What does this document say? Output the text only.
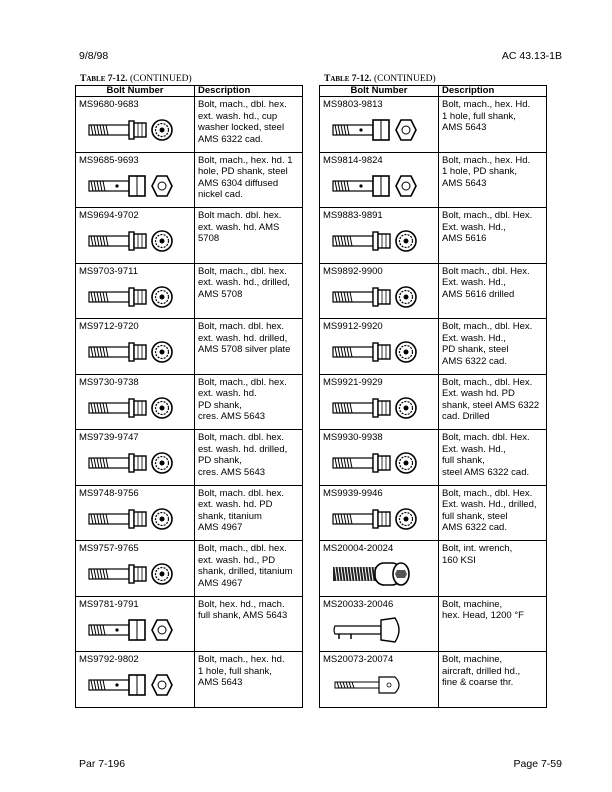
9/8/98	AC 43.13-1B
Table 7-12. (CONTINUED)
Bolt Number	Description

MS9680-9683	Bolt, mach., dbl. hex.
ext. wash. hd., cup
washer locked, steel
AMS 6322 cad.

MS9685-9693	Bolt, mach., hex. hd. 1
hole, PD shank, steel
AMS 6304 diffused
nickel cad.

MS9694-9702	Bolt mach. dbl. hex.
ext. wash. hd. AMS
5708

MS9703-9711	Bolt, mach., dbl. hex.
ext. wash. hd., drilled,
AMS 5708

MS9712-9720	Bolt, mach. dbl. hex.
ext. wash. hd. drilled,
AMS 5708 silver plate

MS9730-9738	Bolt, mach., dbl. hex.
ext. wash. hd.
PD shank,
cres. AMS 5643

MS9739-9747	Bolt, mach. dbl. hex.
est. wash. hd. drilled,
PD shank,
cres. AMS 5643

MS9748-9756	Bolt, mach. dbl. hex.
ext. wash. hd. PD
shank, titanium
AMS 4967

MS9757-9765	Bolt, mach., dbl. hex.
ext. wash. hd., PD
shank, drilled, titanium
AMS 4967

MS9781-9791	Bolt, hex. hd., mach.
full shank, AMS 5643

MS9792-9802	Bolt, mach., hex. hd.
1 hole, full shank,
AMS 5643
Table 7-12. (CONTINUED)
Bolt Number	Description

MS9803-9813	Bolt, mach., hex. Hd.
1 hole, full shank,
AMS 5643

MS9814-9824	Bolt, mach., hex. Hd.
1 hole, PD shank,
AMS 5643

MS9883-9891	Bolt, mach., dbl. Hex.
Ext. wash. Hd.,
AMS 5616

MS9892-9900	Bolt mach., dbl. Hex.
Ext. wash. Hd.,
AMS 5616 drilled

MS9912-9920	Bolt, mach., dbl. Hex.
Ext. wash. Hd.,
PD shank, steel
AMS 6322 cad.

MS9921-9929	Bolt, mach., dbl. Hex.
Ext. wash hd. PD
shank, steel AMS 6322
cad. Drilled

MS9930-9938	Bolt, mach. dbl. Hex.
Ext. wash. Hd.,
full shank,
steel AMS 6322 cad.

MS9939-9946	Bolt, mach., dbl. Hex.
Ext. wash. Hd., drilled,
full shank, steel
AMS 6322 cad.

MS20004-20024	Bolt, int. wrench,
160 KSI

MS20033-20046	Bolt, machine,
hex. Head, 1200 °F

MS20073-20074	Bolt, machine,
aircraft, drilled hd.,
fine & coarse thr.
Par 7-196	Page 7-59
